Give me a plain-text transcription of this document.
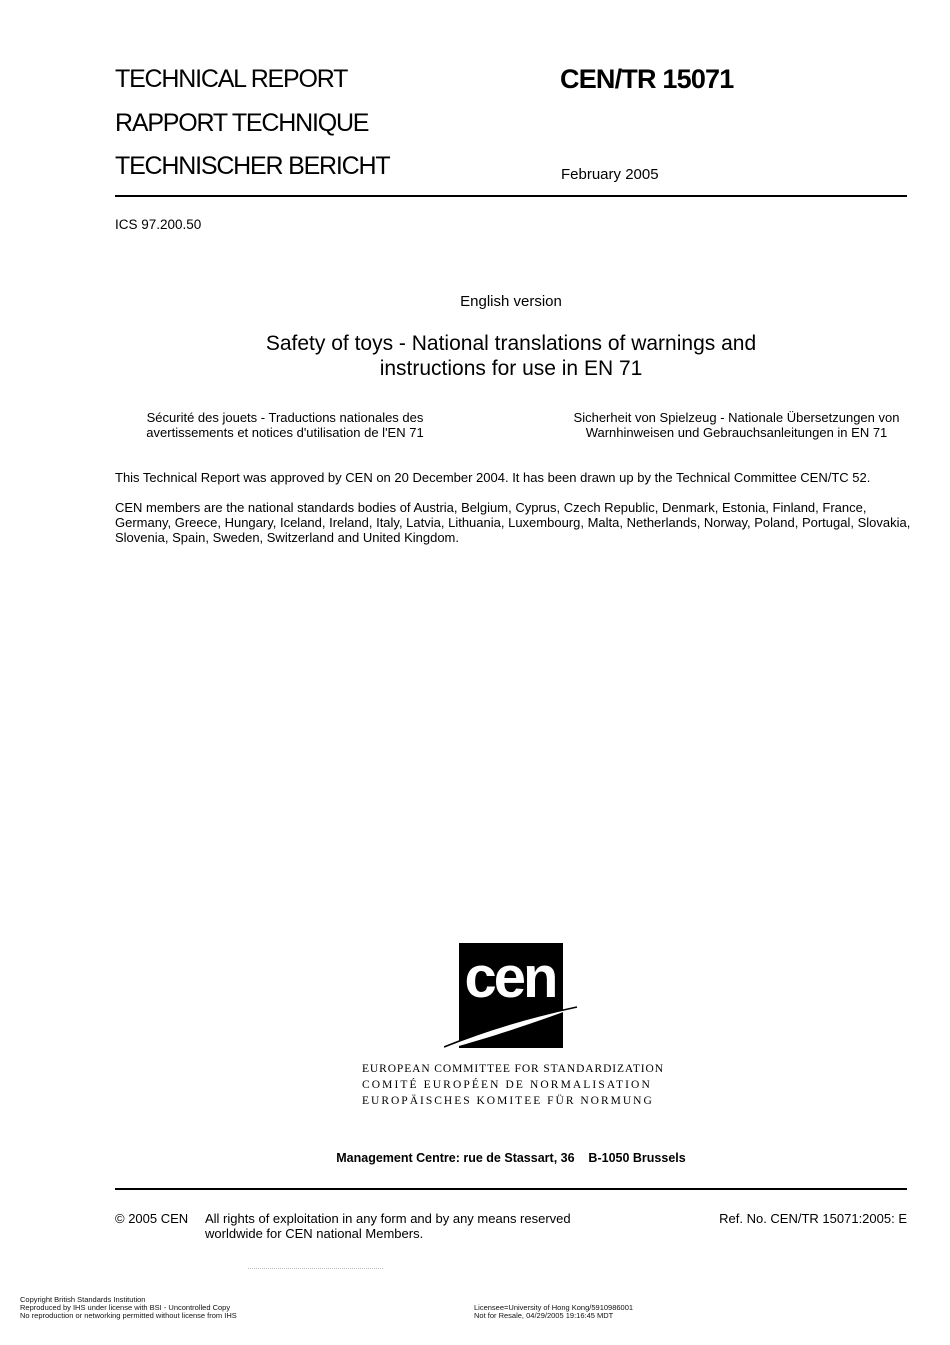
TECHNICAL REPORT
RAPPORT TECHNIQUE
TECHNISCHER BERICHT
CEN/TR 15071
February 2005
ICS 97.200.50
English version
Safety of toys - National translations of warnings and
instructions for use in EN 71
Sécurité des jouets - Traductions nationales des
avertissements et notices d'utilisation de l'EN 71
Sicherheit von Spielzeug - Nationale Übersetzungen von
Warnhinweisen und Gebrauchsanleitungen in EN 71
This Technical Report was approved by CEN on 20 December 2004. It has been drawn up by the Technical Committee CEN/TC 52.
CEN members are the national standards bodies of Austria, Belgium, Cyprus, Czech Republic, Denmark, Estonia, Finland, France,
Germany, Greece, Hungary, Iceland, Ireland, Italy, Latvia, Lithuania, Luxembourg, Malta, Netherlands, Norway, Poland, Portugal, Slovakia,
Slovenia, Spain, Sweden, Switzerland and United Kingdom.
cen
EUROPEAN COMMITTEE FOR STANDARDIZATION
COMITÉ EUROPÉEN DE NORMALISATION
EUROPÄISCHES KOMITEE FÜR NORMUNG
Management Centre: rue de Stassart, 36    B-1050 Brussels
© 2005 CEN All rights of exploitation in any form and by any means reserved
worldwide for CEN national Members.
Ref. No. CEN/TR 15071:2005: E
Copyright British Standards Institution
Reproduced by IHS under license with BSI - Uncontrolled Copy
No reproduction or networking permitted without license from IHS
Licensee=University of Hong Kong/5910986001
Not for Resale, 04/29/2005 19:16:45 MDT
